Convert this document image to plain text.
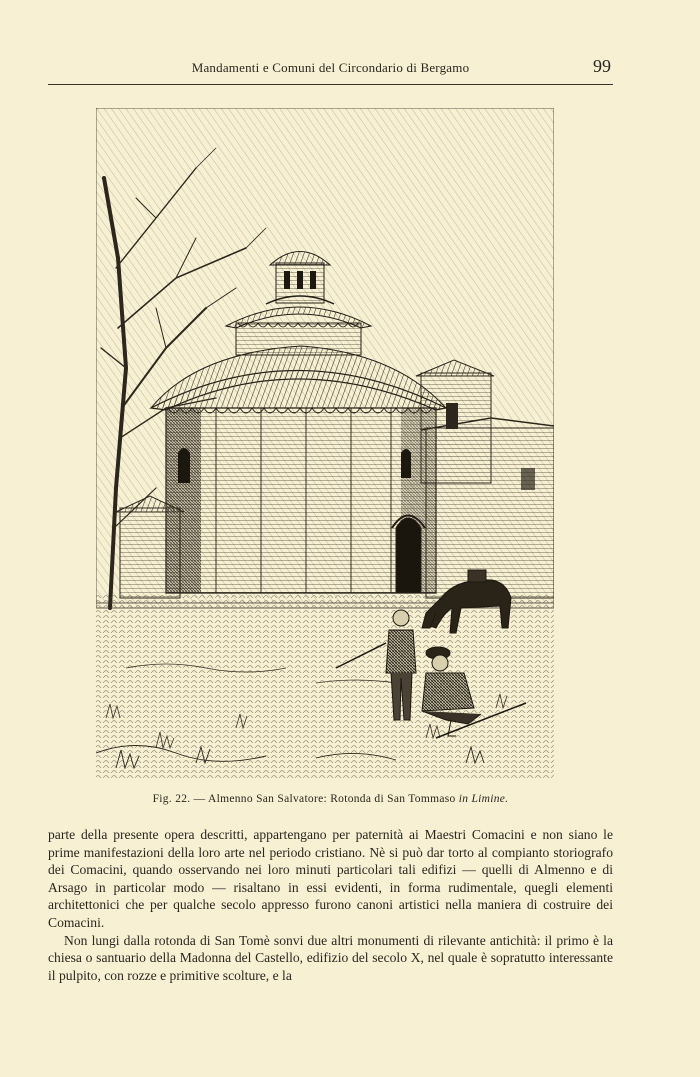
Mandamenti e Comuni del Circondario di Bergamo	99
Fig. 22. — Almenno San Salvatore: Rotonda di San Tommaso in Limine.

parte della presente opera descritti, appartengano per paternità ai Maestri Comacini e non siano le prime manifestazioni della loro arte nel periodo cristiano. Nè si può dar torto al compianto storiografo dei Comacini, quando osservando nei loro minuti particolari tali edifizi — quelli di Almenno e di Arsago in particolar modo — risaltano in essi evidenti, in forma rudimentale, quegli elementi architettonici che per qualche secolo appresso furono canoni artistici nella maniera di costruire dei Comacini.

Non lungi dalla rotonda di San Tomè sonvi due altri monumenti di rilevante antichità: il primo è la chiesa o santuario della Madonna del Castello, edifizio del secolo X, nel quale è sopratutto interessante il pulpito, con rozze e primitive scolture, e la
